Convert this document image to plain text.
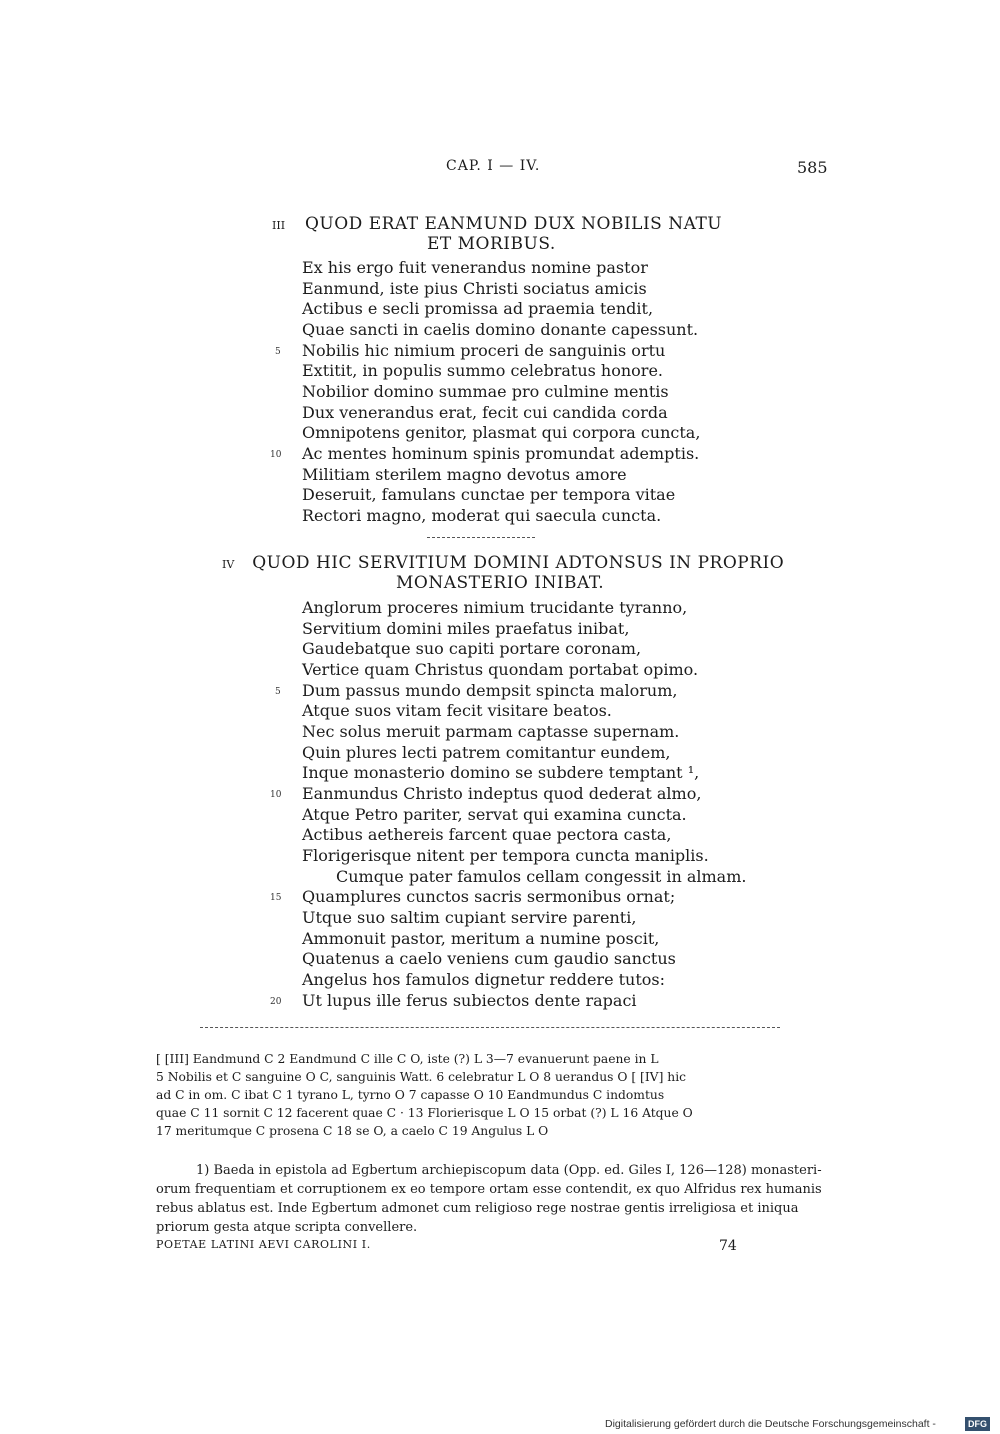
CAP. I — IV.	585
III QUOD ERAT EANMUND DUX NOBILIS NATU
ET MORIBUS.
Ex his ergo fuit venerandus nomine pastor
Eanmund, iste pius Christi sociatus amicis
Actibus e secli promissa ad praemia tendit,
Quae sancti in caelis domino donante capessunt.
Nobilis hic nimium proceri de sanguinis ortu
Extitit, in populis summo celebratus honore.
Nobilior domino summae pro culmine mentis
Dux venerandus erat, fecit cui candida corda
Omnipotens genitor, plasmat qui corpora cuncta,
Ac mentes hominum spinis promundat ademptis.
Militiam sterilem magno devotus amore
Deseruit, famulans cunctae per tempora vitae
Rectori magno, moderat qui saecula cuncta.
5
10
IV QUOD HIC SERVITIUM DOMINI ADTONSUS IN PROPRIO
MONASTERIO INIBAT.
Anglorum proceres nimium trucidante tyranno,
Servitium domini miles praefatus inibat,
Gaudebatque suo capiti portare coronam,
Vertice quam Christus quondam portabat opimo.
Dum passus mundo dempsit spincta malorum,
Atque suos vitam fecit visitare beatos.
Nec solus meruit parmam captasse supernam.
Quin plures lecti patrem comitantur eundem,
Inque monasterio domino se subdere temptant ¹,
Eanmundus Christo indeptus quod dederat almo,
Atque Petro pariter, servat qui examina cuncta.
Actibus aethereis farcent quae pectora casta,
Florigerisque nitent per tempora cuncta maniplis.
Cumque pater famulos cellam congessit in almam.
Quamplures cunctos sacris sermonibus ornat;
Utque suo saltim cupiant servire parenti,
Ammonuit pastor, meritum a numine poscit,
Quatenus a caelo veniens cum gaudio sanctus
Angelus hos famulos dignetur reddere tutos:
Ut lupus ille ferus subiectos dente rapaci
5
10
15
20
[ [III] Eandmund C 2 Eandmund C ille C O, iste (?) L 3—7 evanuerunt paene in L
5 Nobilis et C sanguine O C, sanguinis Watt. 6 celebratur L O 8 uerandus O [ [IV] hic
ad C in om. C ibat C 1 tyrano L, tyrno O 7 capasse O 10 Eandmundus C indomtus
quae C 11 sornit C 12 facerent quae C · 13 Florierisque L O 15 orbat (?) L 16 Atque O
17 meritumque C prosena C 18 se O, a caelo C 19 Angulus L O
1) Baeda in epistola ad Egbertum archiepiscopum data (Opp. ed. Giles I, 126—128) monasteri-
orum frequentiam et corruptionem ex eo tempore ortam esse contendit, ex quo Alfridus rex humanis
rebus ablatus est. Inde Egbertum admonet cum religioso rege nostrae gentis irreligiosa et iniqua
priorum gesta atque scripta convellere.
POETAE LATINI AEVI CAROLINI I.	74
Digitalisierung gefördert durch die Deutsche Forschungsgemeinschaft -	DFG
